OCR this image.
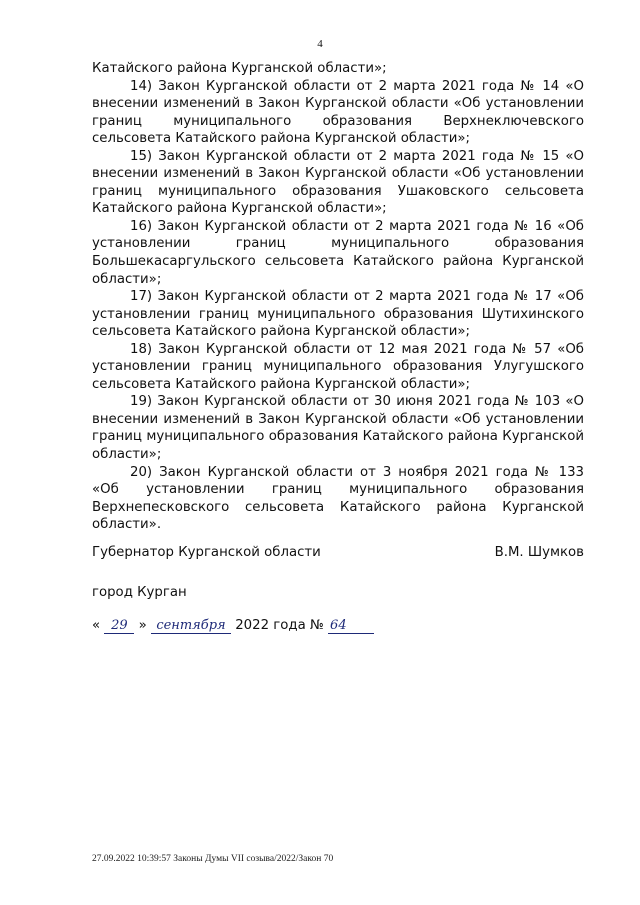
4

Катайского района Курганской области»;

14) Закон Курганской области от 2 марта 2021 года № 14 «О внесении изменений в Закон Курганской области «Об установлении границ муниципального образования Верхнеключевского сельсовета Катайского района Курганской области»;

15) Закон Курганской области от 2 марта 2021 года № 15 «О внесении изменений в Закон Курганской области «Об установлении границ муниципального образования Ушаковского сельсовета Катайского района Курганской области»;

16) Закон Курганской области от 2 марта 2021 года № 16 «Об установлении границ муниципального образования Большекасаргульского сельсовета Катайского района Курганской области»;

17) Закон Курганской области от 2 марта 2021 года № 17 «Об установлении границ муниципального образования Шутихинского сельсовета Катайского района Курганской области»;

18) Закон Курганской области от 12 мая 2021 года № 57 «Об установлении границ муниципального образования Улугушского сельсовета Катайского района Курганской области»;

19) Закон Курганской области от 30 июня 2021 года № 103 «О внесении изменений в Закон Курганской области «Об установлении границ муниципального образования Катайского района Курганской области»;

20) Закон Курганской области от 3 ноября 2021 года № 133 «Об установлении границ муниципального образования Верхнепесковского сельсовета Катайского района Курганской области».

Губернатор Курганской области	В.М. Шумков
город Курган
« 29 » сентября 2022 года № 64
27.09.2022 10:39:57 Законы Думы VII созыва/2022/Закон 70
